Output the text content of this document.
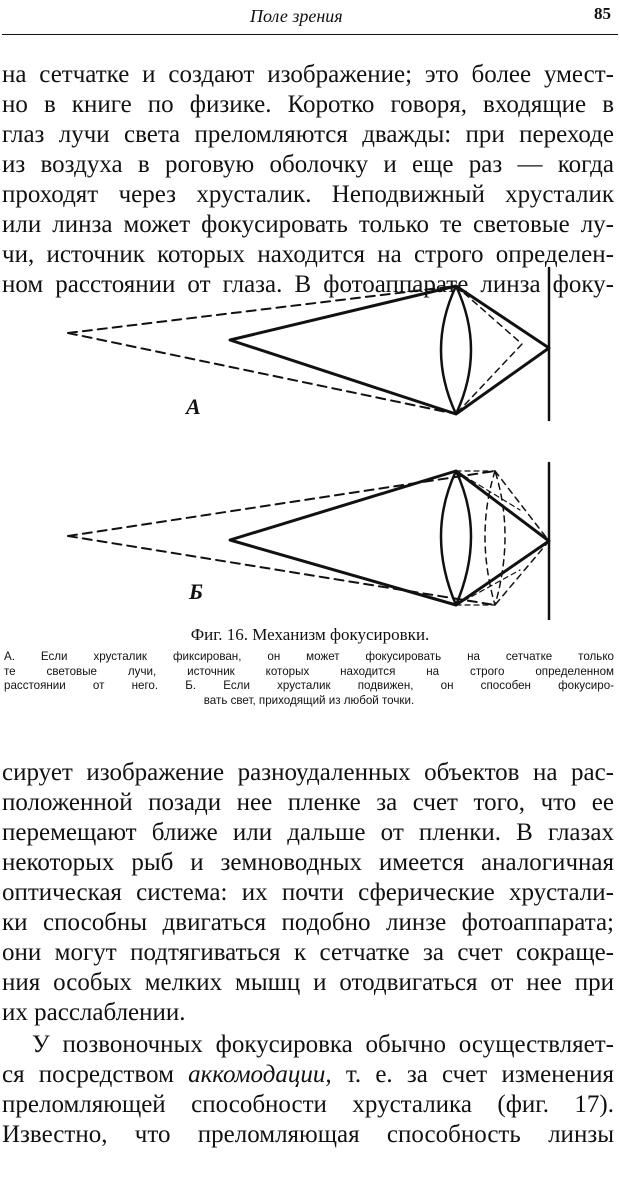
Поле зрения	85
на сетчатке и создают изображение; это более умест-
но в книге по физике. Коротко говоря, входящие в
глаз лучи света преломляются дважды: при переходе
из воздуха в роговую оболочку и еще раз — когда
проходят через хрусталик. Неподвижный хрусталик
или линза может фокусировать только те световые лу-
чи, источник которых находится на строго определен-
ном расстоянии от глаза. В фотоаппарате линза фоку-
А
Б
Фиг. 16. Механизм фокусировки.
А. Если хрусталик фиксирован, он может фокусировать на сетчатке только
те световые лучи, источник которых находится на строго определенном
расстоянии от него. Б. Если хрусталик подвижен, он способен фокусиро-
вать свет, приходящий из любой точки.
сирует изображение разноудаленных объектов на рас-
положенной позади нее пленке за счет того, что ее
перемещают ближе или дальше от пленки. В глазах
некоторых рыб и земноводных имеется аналогичная
оптическая система: их почти сферические хрустали-
ки способны двигаться подобно линзе фотоаппарата;
они могут подтягиваться к сетчатке за счет сокраще-
ния особых мелких мышц и отодвигаться от нее при
их расслаблении.
У позвоночных фокусировка обычно осуществляет-
ся посредством аккомодации, т. е. за счет изменения
преломляющей способности хрусталика (фиг. 17).
Известно, что преломляющая способность линзы
